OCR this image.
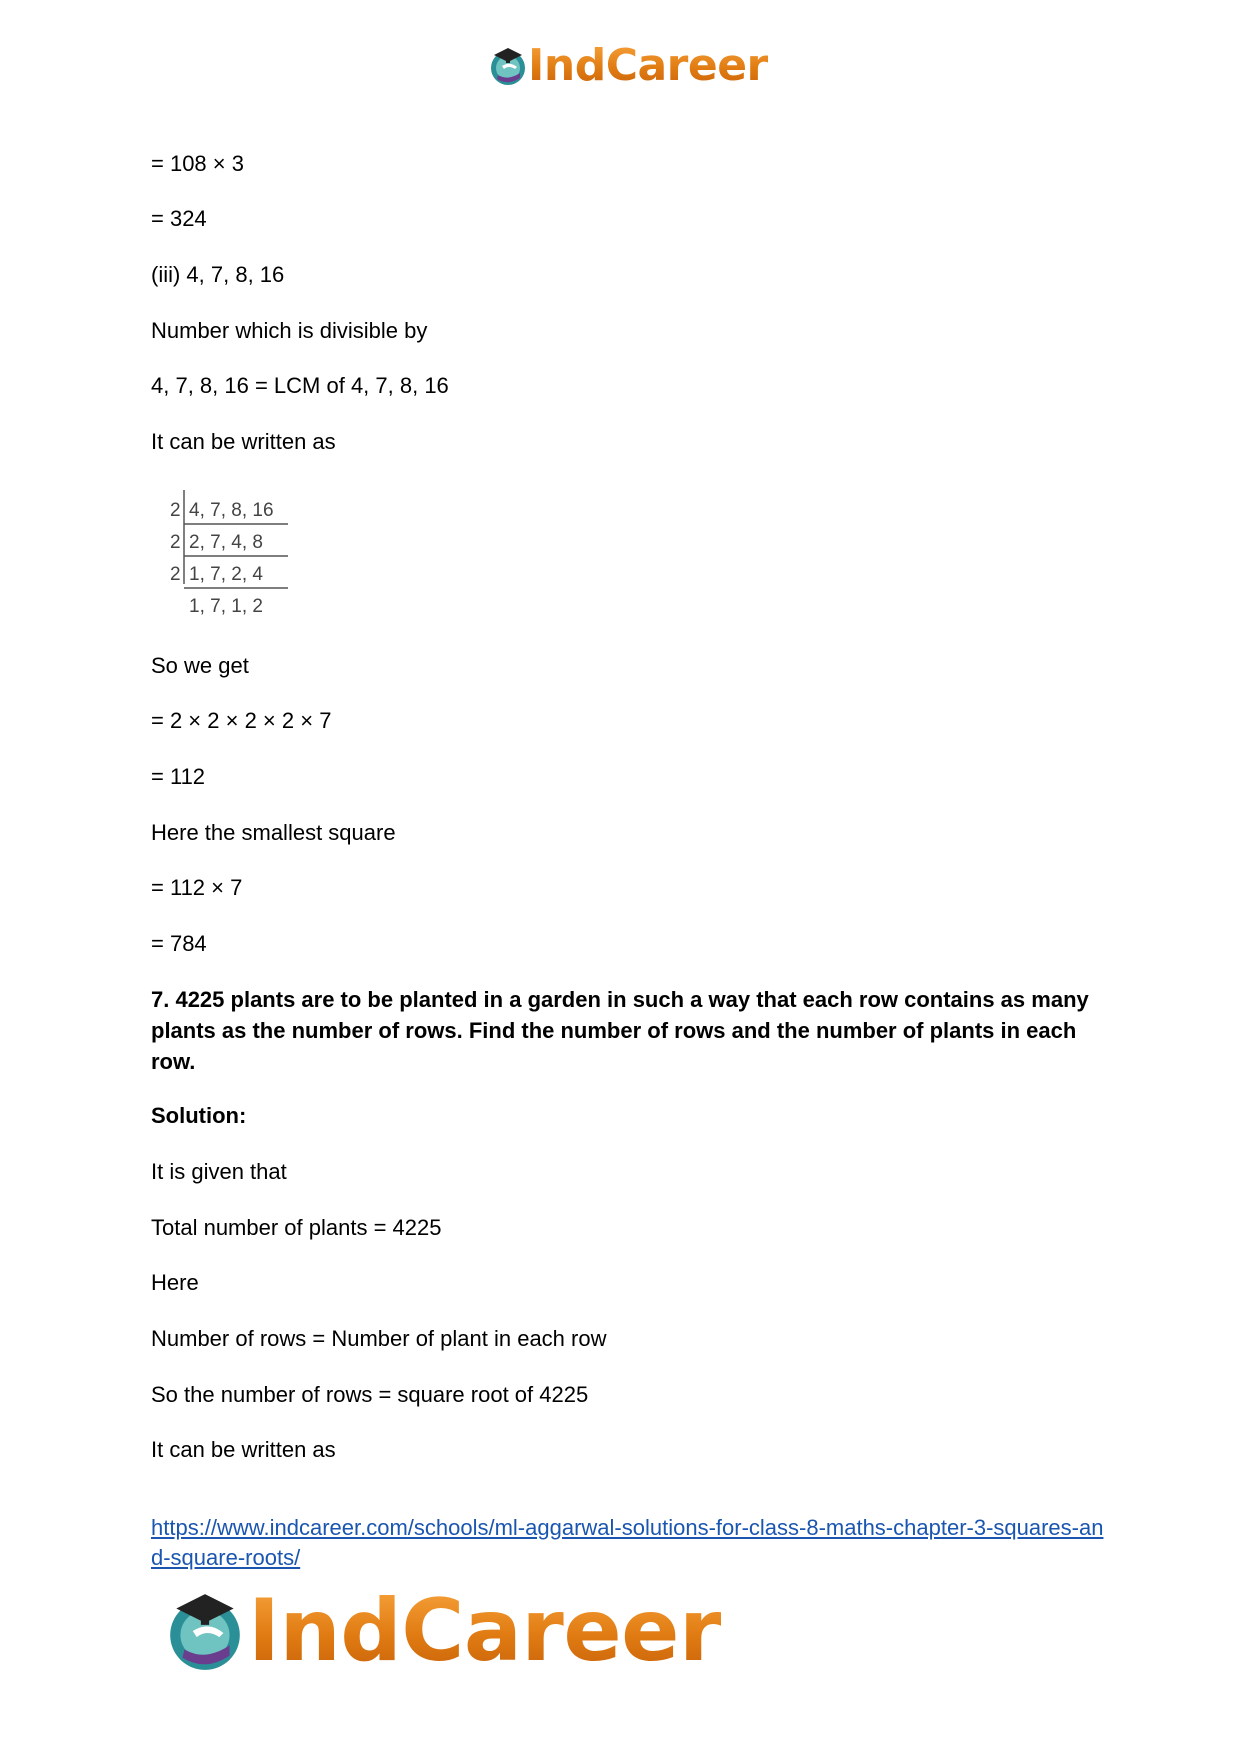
IndCareer
= 108 × 3
= 324
(iii) 4, 7, 8, 16
Number which is divisible by
4, 7, 8, 16 = LCM of 4, 7, 8, 16
It can be written as
2
2
2
4, 7, 8, 16
2, 7, 4, 8
1, 7, 2, 4
1, 7, 1, 2
So we get
= 2 × 2 × 2 × 2 × 7
= 112
Here the smallest square
= 112 × 7
= 784
7. 4225 plants are to be planted in a garden in such a way that each row contains as many plants as the number of rows. Find the number of rows and the number of plants in each row.
Solution:
It is given that
Total number of plants = 4225
Here
Number of rows = Number of plant in each row
So the number of rows = square root of 4225
It can be written as
https://www.indcareer.com/schools/ml-aggarwal-solutions-for-class-8-maths-chapter-3-squares-and-square-roots/
IndCareer
